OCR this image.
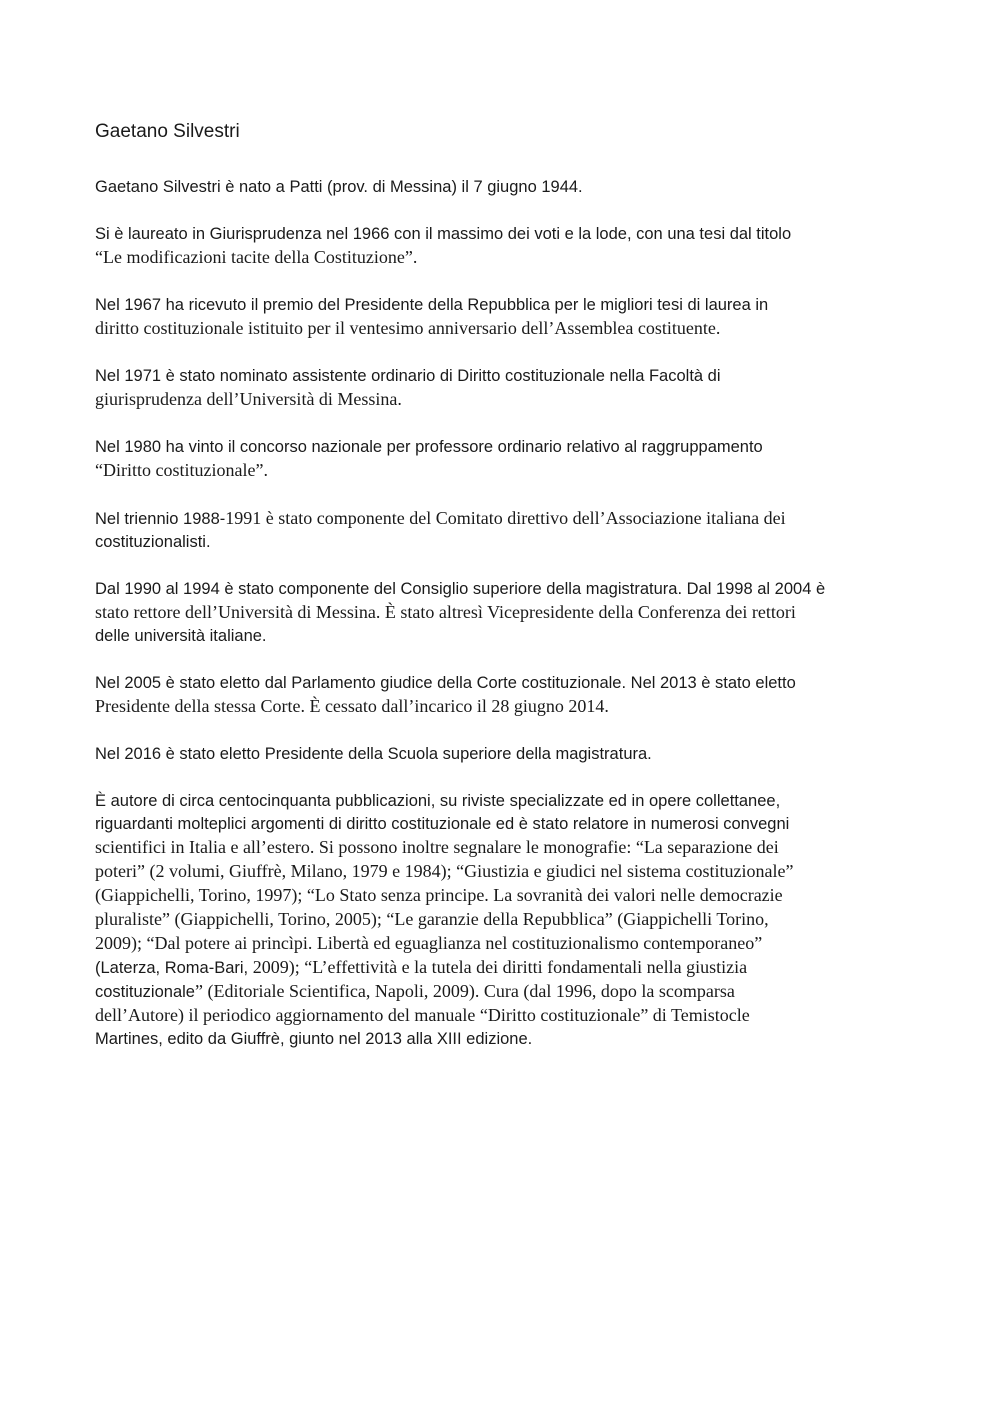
Gaetano Silvestri

Gaetano Silvestri è nato a Patti (prov. di Messina) il 7 giugno 1944.

Si è laureato in Giurisprudenza nel 1966 con il massimo dei voti e la lode, con una tesi dal titolo
“Le modificazioni tacite della Costituzione”.

Nel 1967 ha ricevuto il premio del Presidente della Repubblica per le migliori tesi di laurea in
diritto costituzionale istituito per il ventesimo anniversario dell’Assemblea costituente.

Nel 1971 è stato nominato assistente ordinario di Diritto costituzionale nella Facoltà di
giurisprudenza dell’Università di Messina.

Nel 1980 ha vinto il concorso nazionale per professore ordinario relativo al raggruppamento
“Diritto costituzionale”.

Nel triennio 1988-1991 è stato componente del Comitato direttivo dell’Associazione italiana dei
costituzionalisti.

Dal 1990 al 1994 è stato componente del Consiglio superiore della magistratura. Dal 1998 al 2004 è
stato rettore dell’Università di Messina. È stato altresì Vicepresidente della Conferenza dei rettori
delle università italiane.

Nel 2005 è stato eletto dal Parlamento giudice della Corte costituzionale. Nel 2013 è stato eletto
Presidente della stessa Corte. È cessato dall’incarico il 28 giugno 2014.

Nel 2016 è stato eletto Presidente della Scuola superiore della magistratura.

È autore di circa centocinquanta pubblicazioni, su riviste specializzate ed in opere collettanee,
riguardanti molteplici argomenti di diritto costituzionale ed è stato relatore in numerosi convegni
scientifici in Italia e all’estero. Si possono inoltre segnalare le monografie: “La separazione dei
poteri” (2 volumi, Giuffrè, Milano, 1979 e 1984); “Giustizia e giudici nel sistema costituzionale”
(Giappichelli, Torino, 1997); “Lo Stato senza principe. La sovranità dei valori nelle democrazie
pluraliste” (Giappichelli, Torino, 2005); “Le garanzie della Repubblica” (Giappichelli Torino,
2009); “Dal potere ai princìpi. Libertà ed eguaglianza nel costituzionalismo contemporaneo”
(Laterza, Roma-Bari, 2009); “L’effettività e la tutela dei diritti fondamentali nella giustizia
costituzionale” (Editoriale Scientifica, Napoli, 2009). Cura (dal 1996, dopo la scomparsa
dell’Autore) il periodico aggiornamento del manuale “Diritto costituzionale” di Temistocle
Martines, edito da Giuffrè, giunto nel 2013 alla XIII edizione.
